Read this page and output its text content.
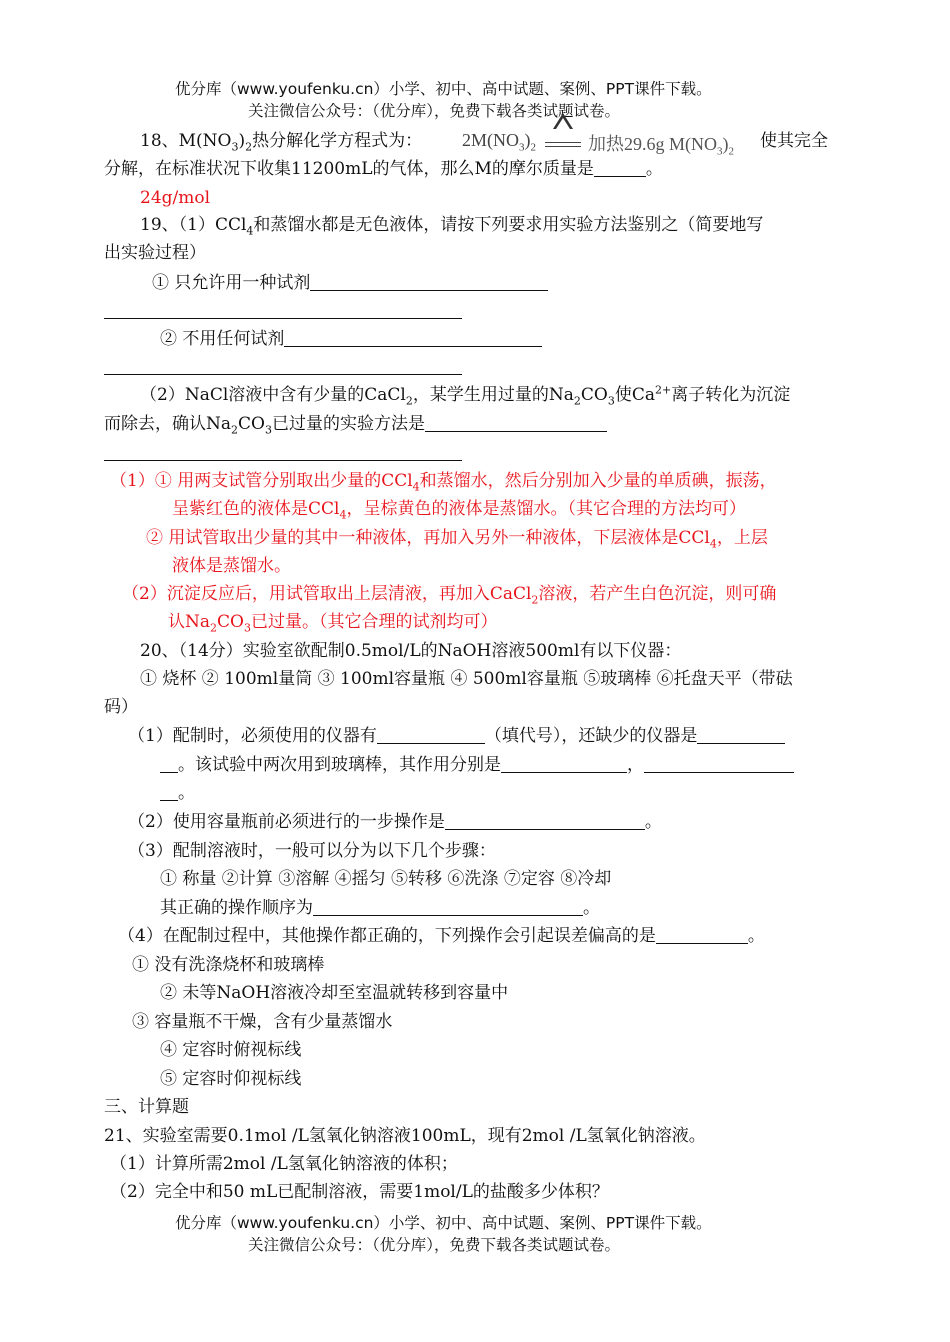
优分库（www.youfenku.cn）小学、初中、高中试题、案例、PPT课件下载。
关注微信公众号：（优分库），免费下载各类试题试卷。
18、$M(NO_3)_2$热分解化学方程式为： $2M(NO_3)_2$	加热29.6g $M(NO_3)_2$
使其完全
分解，在标准状况下收集11200mL的气体，那么M的摩尔质量是	。
24g/mol
19、（1）CCl$_4$和蒸馏水都是无色液体，请按下列要求用实验方法鉴别之（简要地写
出实验过程）
① 只允许用一种试剂
② 不用任何试剂
（2）NaCl溶液中含有少量的CaCl$_2$，某学生用过量的$Na_2CO_3$使$Ca^{2+}$离子转化为沉淀
而除去，确认$Na_2CO_3$已过量的实验方法是
（1）① 用两支试管分别取出少量的CCl$_4$和蒸馏水，然后分别加入少量的单质碘，振荡，
呈紫红色的液体是CCl$_4$，呈棕黄色的液体是蒸馏水。（其它合理的方法均可）
② 用试管取出少量的其中一种液体，再加入另外一种液体，下层液体是CCl$_4$，上层
液体是蒸馏水。
（2）沉淀反应后，用试管取出上层清液，再加入CaCl$_2$溶液，若产生白色沉淀，则可确
认$Na_2CO_3$已过量。（其它合理的试剂均可）
20、（14分）实验室欲配制0.5mol/L的NaOH溶液500ml有以下仪器：
① 烧杯 ② 100ml量筒 ③ 100ml容量瓶 ④ 500ml容量瓶 ⑤玻璃棒 ⑥托盘天平（带砝
码）
（1）配制时，必须使用的仪器有	（填代号），还缺少的仪器是
。该试验中两次用到玻璃棒，其作用分别是	，
。
（2）使用容量瓶前必须进行的一步操作是	。
（3）配制溶液时，一般可以分为以下几个步骤：
① 称量 ②计算 ③溶解 ④摇匀 ⑤转移 ⑥洗涤 ⑦定容 ⑧冷却
其正确的操作顺序为	。
（4）在配制过程中，其他操作都正确的，下列操作会引起误差偏高的是	。
① 没有洗涤烧杯和玻璃棒
② 未等NaOH溶液冷却至室温就转移到容量中
③ 容量瓶不干燥，含有少量蒸馏水
④ 定容时俯视标线
⑤ 定容时仰视标线
三、计算题
21、实验室需要0.1mol /L氢氧化钠溶液100mL，现有2mol /L氢氧化钠溶液。
（1）计算所需2mol /L氢氧化钠溶液的体积；
（2）完全中和50 mL已配制溶液，需要1mol/L的盐酸多少体积？
优分库（www.youfenku.cn）小学、初中、高中试题、案例、PPT课件下载。
关注微信公众号：（优分库），免费下载各类试题试卷。
